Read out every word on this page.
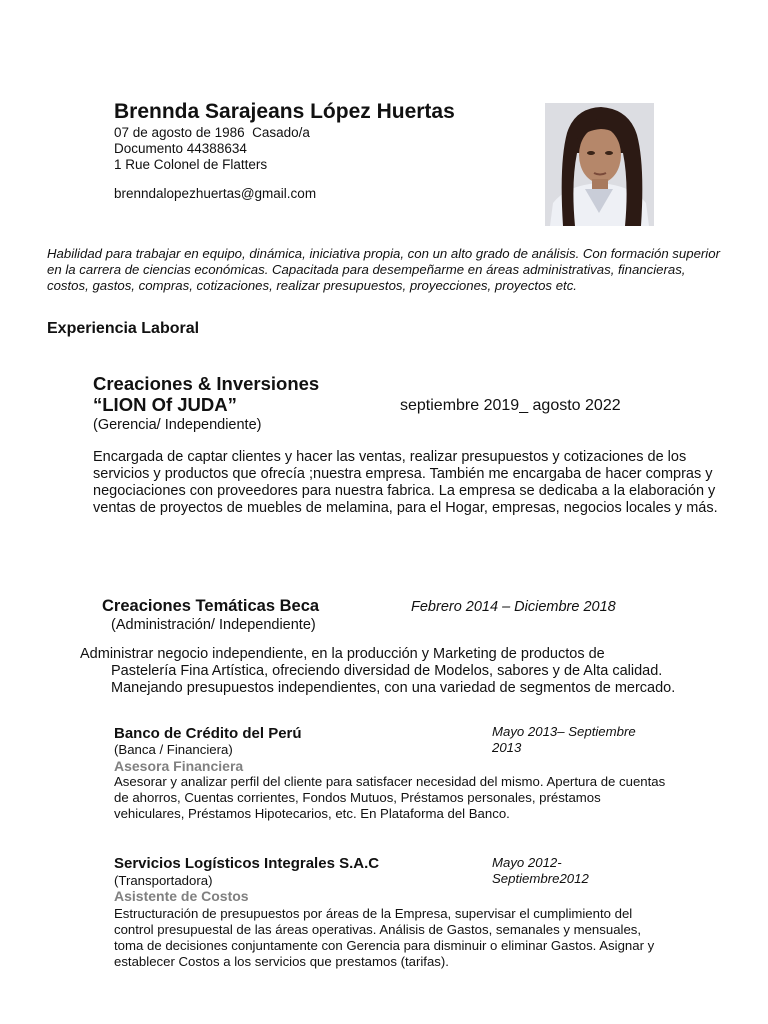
Brennda Sarajeans López Huertas
07 de agosto de 1986  Casado/a
Documento 44388634
1 Rue Colonel de Flatters
brenndalopezhuertas@gmail.com
Habilidad para trabajar en equipo, dinámica, iniciativa propia, con un alto grado de análisis. Con formación superior en la carrera de ciencias económicas. Capacitada para desempeñarme en áreas administrativas, financieras, costos, gastos, compras, cotizaciones, realizar presupuestos, proyecciones, proyectos etc.
Experiencia Laboral
Creaciones & Inversiones
“LION Of JUDA”	septiembre 2019_ agosto 2022
(Gerencia/ Independiente)
Encargada de captar clientes y hacer las ventas, realizar presupuestos y cotizaciones de los servicios y productos que ofrecía ;nuestra empresa. También me encargaba de hacer compras y negociaciones con proveedores para nuestra fabrica. La empresa se dedicaba a la elaboración y ventas de proyectos de muebles de melamina, para el Hogar, empresas, negocios locales y más.
Creaciones Temáticas Beca	Febrero 2014 – Diciembre 2018
(Administración/ Independiente)
Administrar negocio independiente, en la producción y Marketing de productos de
Pastelería Fina Artística, ofreciendo diversidad de Modelos, sabores y de Alta calidad.
Manejando presupuestos independientes, con una variedad de segmentos de mercado.
Banco de Crédito del Perú	Mayo 2013– Septiembre 2013
(Banca / Financiera)
Asesora Financiera
Asesorar y analizar perfil del cliente para satisfacer necesidad del mismo. Apertura de cuentas de ahorros, Cuentas corrientes, Fondos Mutuos, Préstamos personales, préstamos vehiculares, Préstamos Hipotecarios, etc. En Plataforma del Banco.
Servicios Logísticos Integrales S.A.C	Mayo 2012- Septiembre2012
(Transportadora)
Asistente de Costos
Estructuración de presupuestos por áreas de la Empresa, supervisar el cumplimiento del control presupuestal de las áreas operativas. Análisis de Gastos, semanales y mensuales, toma de decisiones conjuntamente con Gerencia para disminuir o eliminar Gastos. Asignar y establecer Costos a los servicios que prestamos (tarifas).
